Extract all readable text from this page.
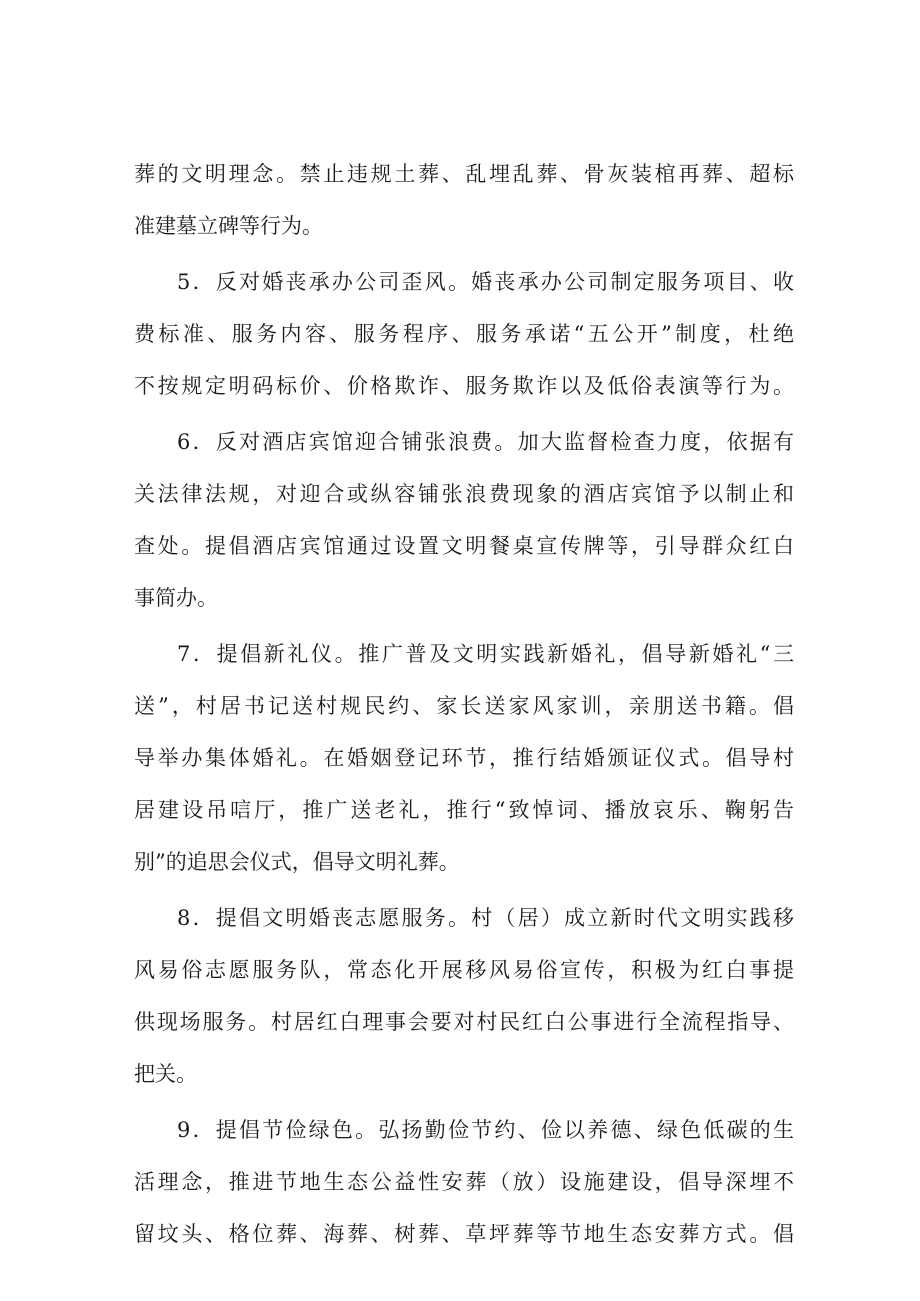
葬的文明理念。禁止违规土葬、乱埋乱葬、骨灰装棺再葬、超标
准建墓立碑等行为。
5．反对婚丧承办公司歪风。婚丧承办公司制定服务项目、收
费标准、服务内容、服务程序、服务承诺“五公开”制度，杜绝
不按规定明码标价、价格欺诈、服务欺诈以及低俗表演等行为。
6．反对酒店宾馆迎合铺张浪费。加大监督检查力度，依据有
关法律法规，对迎合或纵容铺张浪费现象的酒店宾馆予以制止和
查处。提倡酒店宾馆通过设置文明餐桌宣传牌等，引导群众红白
事简办。
7．提倡新礼仪。推广普及文明实践新婚礼，倡导新婚礼“三
送”，村居书记送村规民约、家长送家风家训，亲朋送书籍。倡
导举办集体婚礼。在婚姻登记环节，推行结婚颁证仪式。倡导村
居建设吊唁厅，推广送老礼，推行“致悼词、播放哀乐、鞠躬告
别”的追思会仪式，倡导文明礼葬。
8．提倡文明婚丧志愿服务。村（居）成立新时代文明实践移
风易俗志愿服务队，常态化开展移风易俗宣传，积极为红白事提
供现场服务。村居红白理事会要对村民红白公事进行全流程指导、
把关。
9．提倡节俭绿色。弘扬勤俭节约、俭以养德、绿色低碳的生
活理念，推进节地生态公益性安葬（放）设施建设，倡导深埋不
留坟头、格位葬、海葬、树葬、草坪葬等节地生态安葬方式。倡
